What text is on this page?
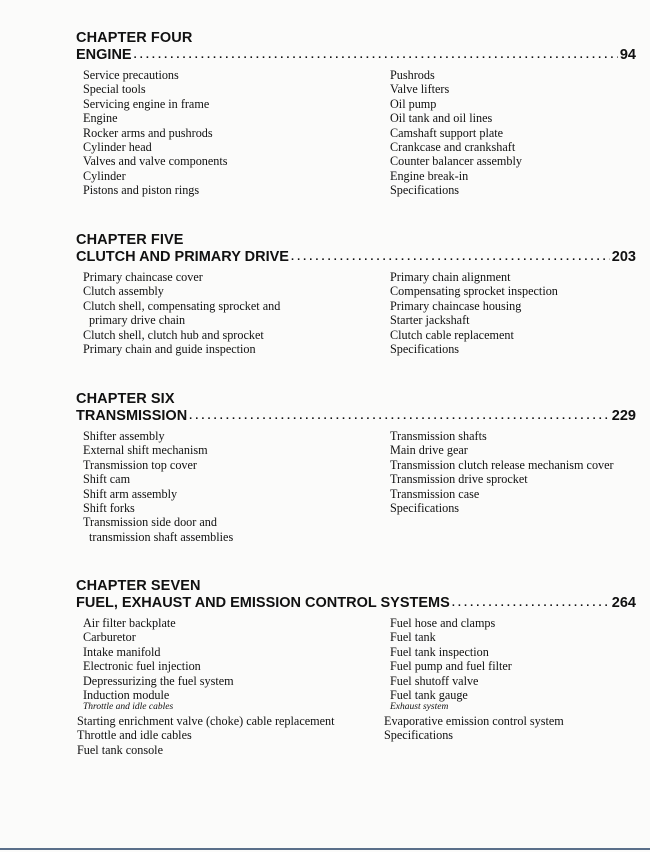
CHAPTER FOUR
ENGINE . . .	94
Service precautions
Special tools
Servicing engine in frame
Engine
Rocker arms and pushrods
Cylinder head
Valves and valve components
Cylinder
Pistons and piston rings
Pushrods
Valve lifters
Oil pump
Oil tank and oil lines
Camshaft support plate
Crankcase and crankshaft
Counter balancer assembly
Engine break-in
Specifications
CHAPTER FIVE
CLUTCH AND PRIMARY DRIVE . . .	203
Primary chaincase cover
Clutch assembly
Clutch shell, compensating sprocket and
primary drive chain
Clutch shell, clutch hub and sprocket
Primary chain and guide inspection
Primary chain alignment
Compensating sprocket inspection
Primary chaincase housing
Starter jackshaft
Clutch cable replacement
Specifications
CHAPTER SIX
TRANSMISSION . . .	229
Shifter assembly
External shift mechanism
Transmission top cover
Shift cam
Shift arm assembly
Shift forks
Transmission side door and
transmission shaft assemblies
Transmission shafts
Main drive gear
Transmission clutch release mechanism cover
Transmission drive sprocket
Transmission case
Specifications
CHAPTER SEVEN
FUEL, EXHAUST AND EMISSION CONTROL SYSTEMS . . .	264
Air filter backplate
Carburetor
Intake manifold
Electronic fuel injection
Depressurizing the fuel system
Induction module
Throttle and idle cables
Starting enrichment valve (choke) cable replacement
Throttle and idle cables
Fuel tank console
Fuel hose and clamps
Fuel tank
Fuel tank inspection
Fuel pump and fuel filter
Fuel shutoff valve
Fuel tank gauge
Exhaust system
Evaporative emission control system
Specifications
